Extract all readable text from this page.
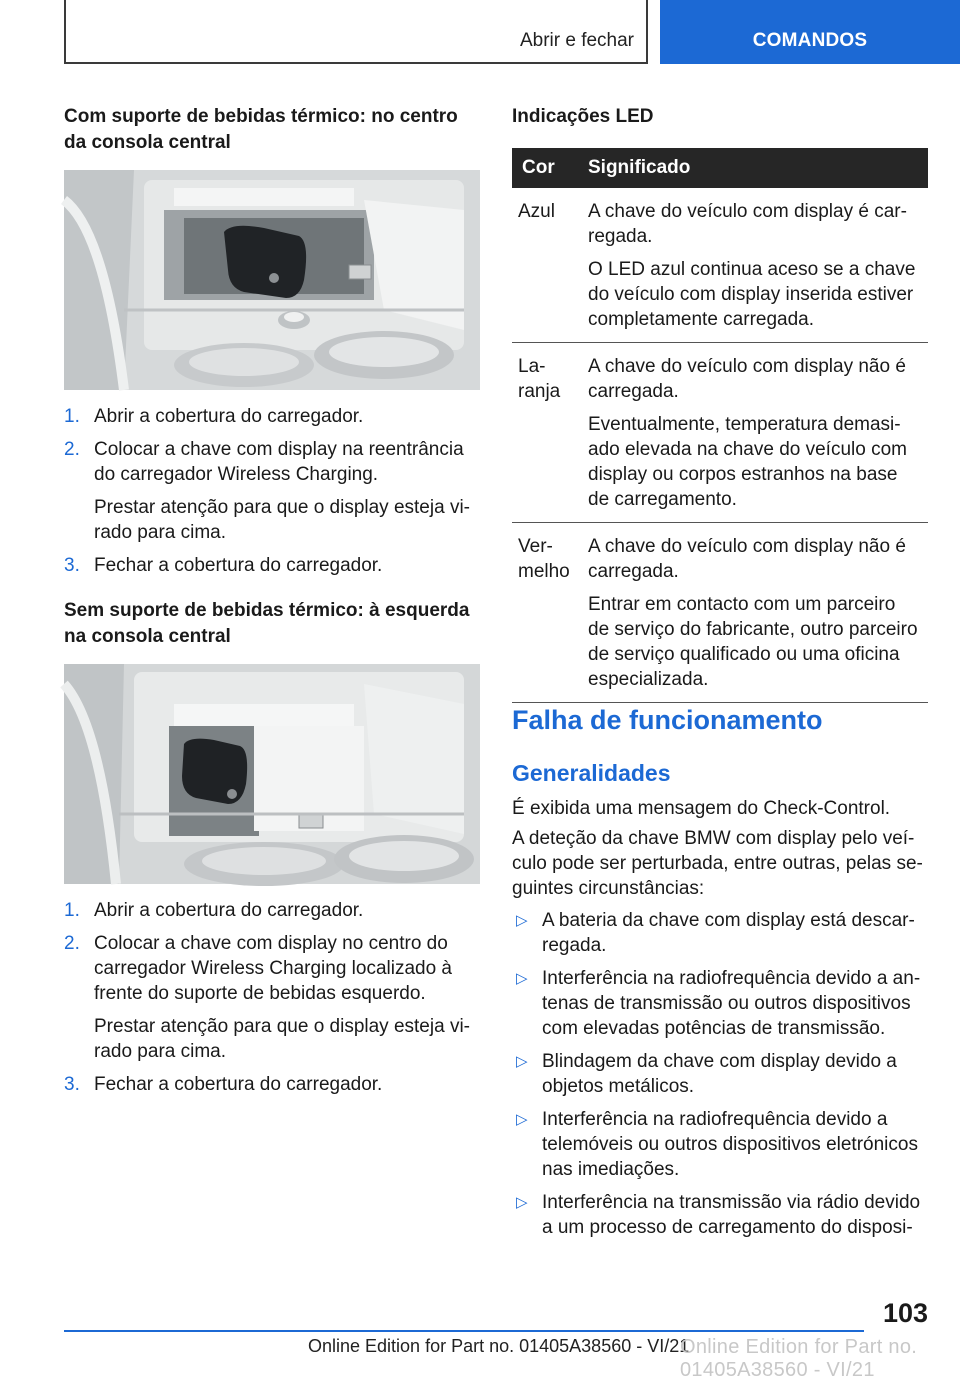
Abrir e fechar	COMANDOS
Com suporte de bebidas térmico: no centro da consola central
1. Abrir a cobertura do carregador.
2. Colocar a chave com display na reentrância do carregador Wireless Charging.
Prestar atenção para que o display esteja virado para cima.
3. Fechar a cobertura do carregador.
Sem suporte de bebidas térmico: à esquerda na consola central
1. Abrir a cobertura do carregador.
2. Colocar a chave com display no centro do carregador Wireless Charging localizado à frente do suporte de bebidas esquerdo.
Prestar atenção para que o display esteja virado para cima.
3. Fechar a cobertura do carregador.
Indicações LED
Cor	Significado
Azul	A chave do veículo com display é carregada.
O LED azul continua aceso se a chave do veículo com display inserida estiver completamente carregada.

Laranja	A chave do veículo com display não é carregada.
Eventualmente, temperatura demasiado elevada na chave do veículo com display ou corpos estranhos na base de carregamento.

Vermelho	A chave do veículo com display não é carregada.
Entrar em contacto com um parceiro de serviço do fabricante, outro parceiro de serviço qualificado ou uma oficina especializada.
Falha de funcionamento
Generalidades

É exibida uma mensagem do Check-Control.

A deteção da chave BMW com display pelo veículo pode ser perturbada, entre outras, pelas seguintes circunstâncias:

▷ A bateria da chave com display está descarregada.
▷ Interferência na radiofrequência devido a antenas de transmissão ou outros dispositivos com elevadas potências de transmissão.
▷ Blindagem da chave com display devido a objetos metálicos.
▷ Interferência na radiofrequência devido a telemóveis ou outros dispositivos eletrónicos nas imediações.
▷ Interferência na transmissão via rádio devido a um processo de carregamento do disposi-
103
Online Edition for Part no. 01405A38560 - VI/21
Online Edition for Part no. 01405A38560 - VI/21
